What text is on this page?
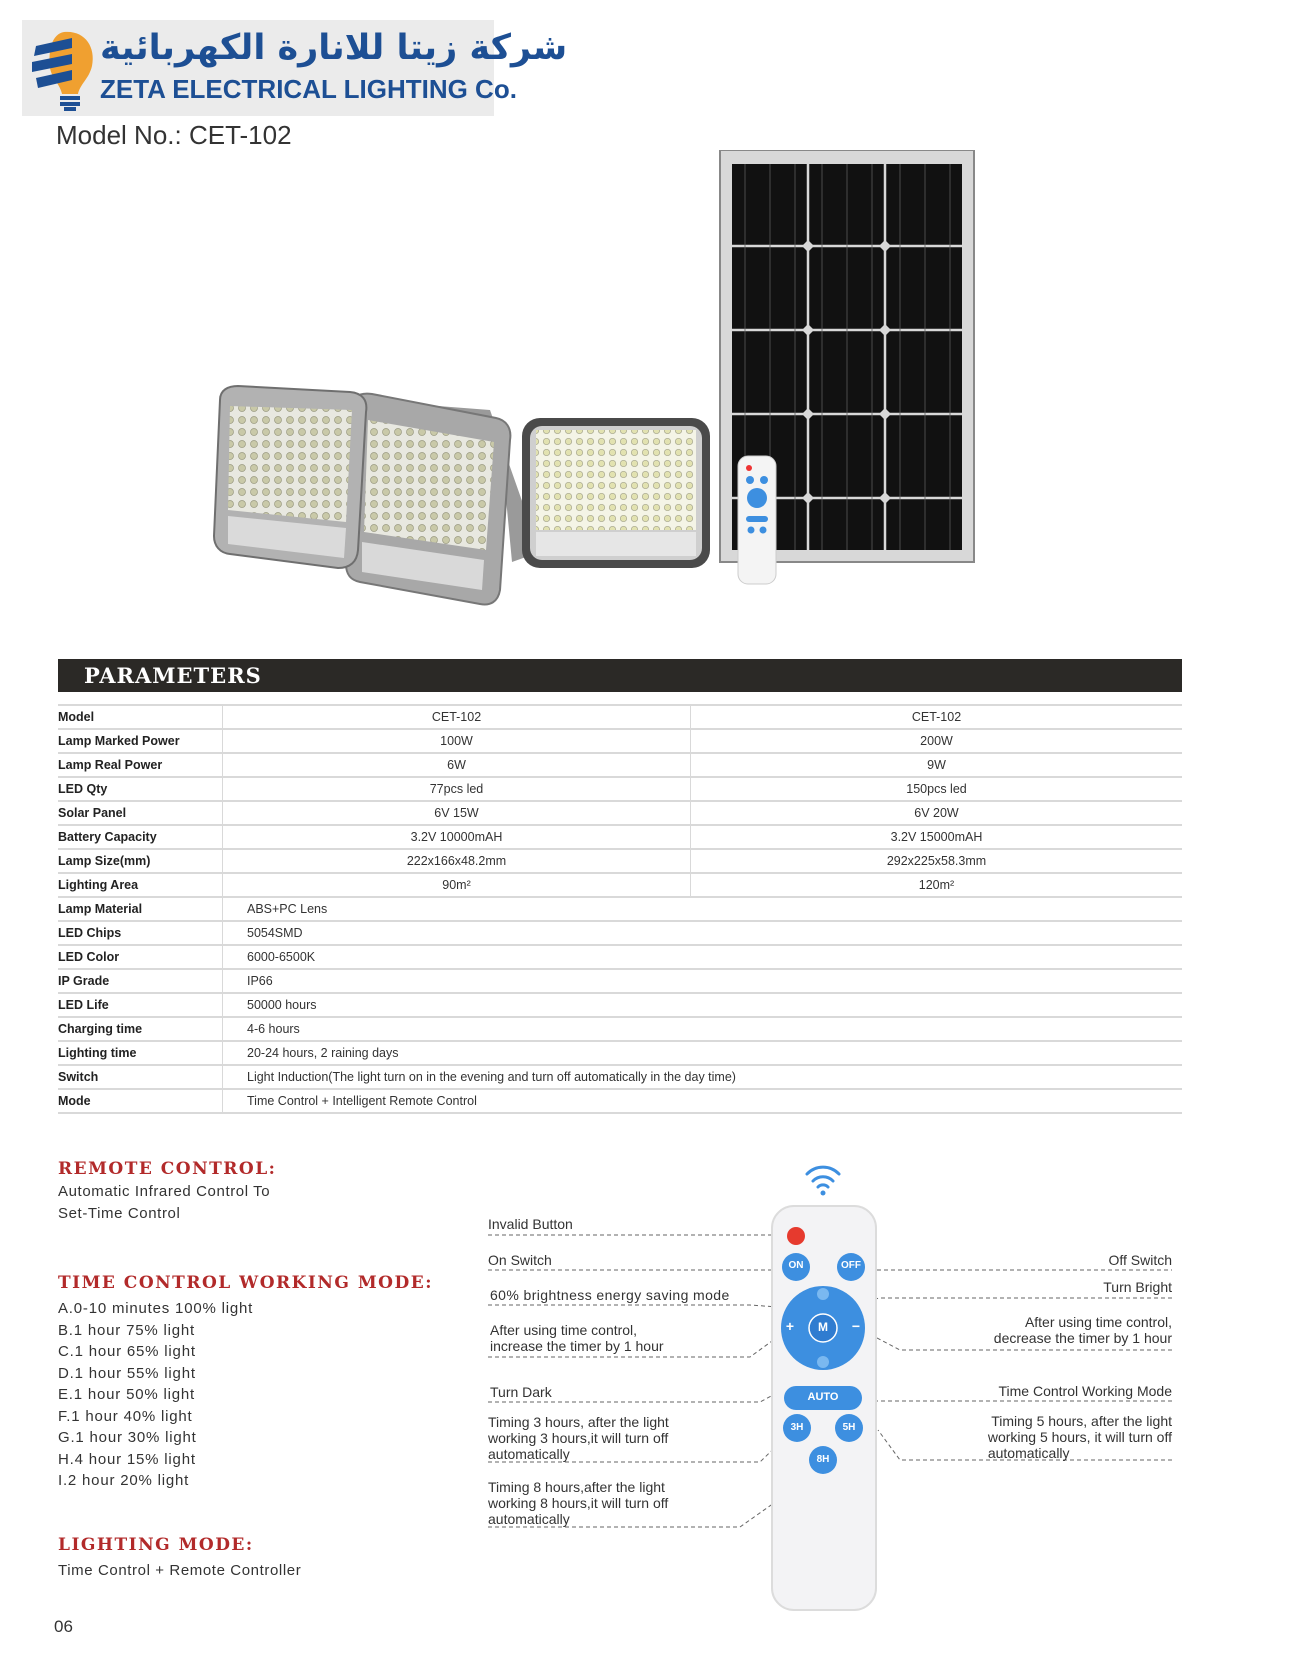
شركة زيتا للانارة الكهربائية
ZETA ELECTRICAL LIGHTING Co.
Model No.: CET-102
PARAMETERS
Model	CET-102	CET-102
Lamp Marked Power	100W	200W
Lamp Real Power	6W	9W
LED Qty	77pcs led	150pcs led
Solar Panel	6V 15W	6V 20W
Battery Capacity	3.2V 10000mAH	3.2V 15000mAH
Lamp Size(mm)	222x166x48.2mm	292x225x58.3mm
Lighting Area	90m²	120m²
Lamp Material	ABS+PC Lens	
LED Chips	5054SMD	
LED Color	6000-6500K	
IP Grade	IP66	
LED Life	50000 hours	
Charging time	4-6 hours	
Lighting time	20-24 hours, 2 raining days	
Switch	Light Induction(The light turn on in the evening and turn off automatically in the day time)	
Mode	Time Control + Intelligent Remote Control	
REMOTE CONTROL:
Automatic Infrared Control To
Set-Time Control
TIME CONTROL WORKING MODE:
A.0-10 minutes 100% light
B.1 hour 75% light
C.1 hour 65% light
D.1 hour 55% light
E.1 hour 50% light
F.1 hour 40% light
G.1 hour 30% light
H.4 hour 15% light
I.2 hour 20% light
LIGHTING MODE:
Time Control + Remote Controller
ON	OFF
M
+	−
AUTO
3H	5H
8H
Invalid Button
On Switch
60% brightness energy saving mode
After using time control,
increase the timer by 1 hour
Turn Dark
Timing 3 hours, after the light
working 3 hours,it will turn off
automatically
Timing 8 hours,after the light
working 8 hours,it will turn off
automatically
Off Switch
Turn Bright
After using time control,
decrease the timer by 1 hour
Time Control Working Mode
Timing 5 hours, after the light
working 5 hours, it will turn off
automatically
06
